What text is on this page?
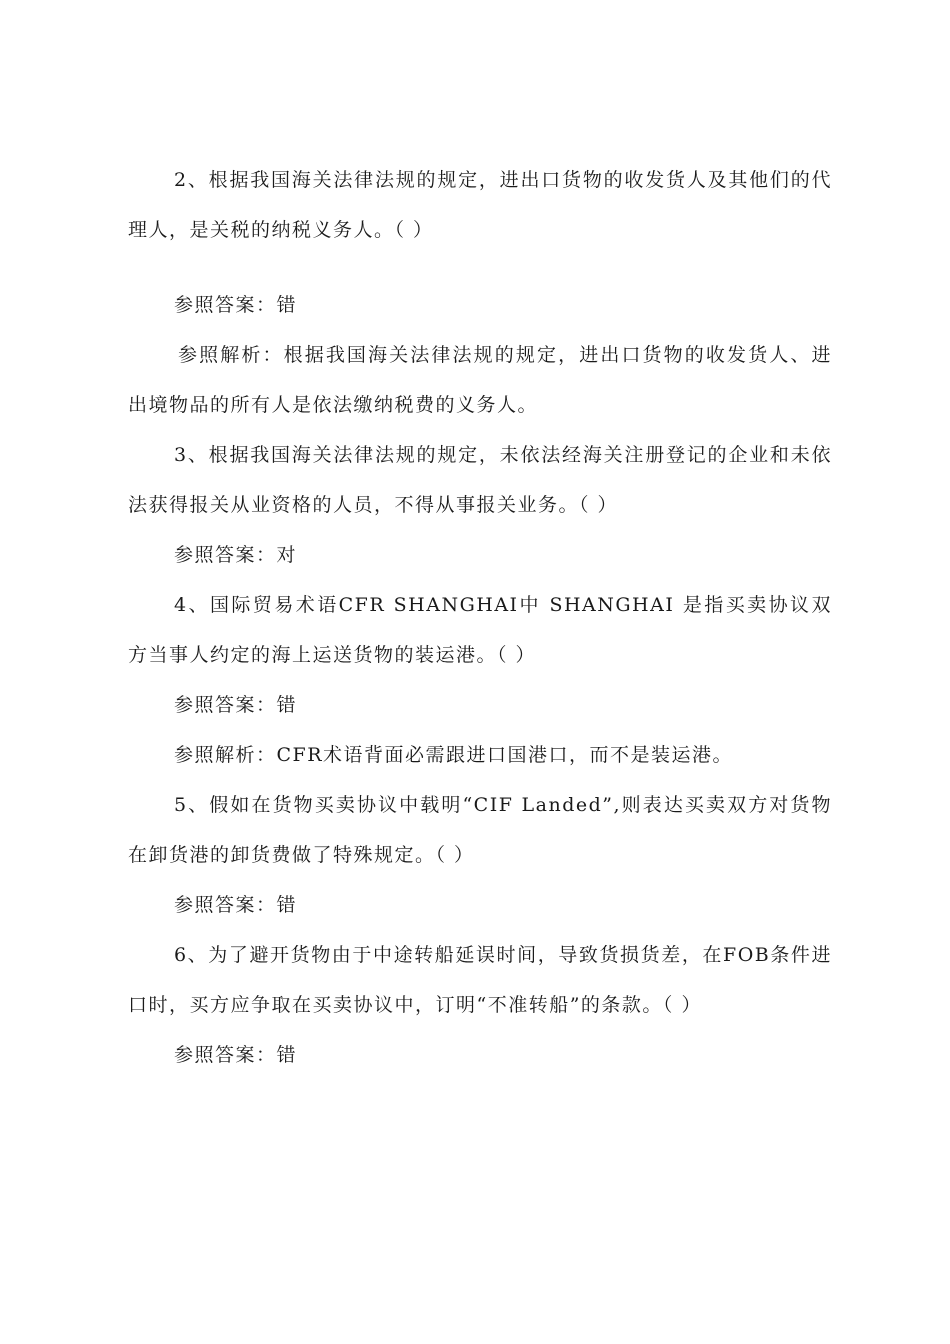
2、根据我国海关法律法规的规定，进出口货物的收发货人及其他们的代理人，是关税的纳税义务人。（ ）
参照答案：错
参照解析：根据我国海关法律法规的规定，进出口货物的收发货人、进出境物品的所有人是依法缴纳税费的义务人。
3、根据我国海关法律法规的规定，未依法经海关注册登记的企业和未依法获得报关从业资格的人员，不得从事报关业务。（ ）
参照答案：对
4、国际贸易术语CFR SHANGHAI中 SHANGHAI 是指买卖协议双方当事人约定的海上运送货物的装运港。（ ）
参照答案：错
参照解析：CFR术语背面必需跟进口国港口，而不是装运港。
5、假如在货物买卖协议中载明“CIF Landed”,则表达买卖双方对货物在卸货港的卸货费做了特殊规定。（ ）
参照答案：错
6、为了避开货物由于中途转船延误时间，导致货损货差，在FOB条件进口时，买方应争取在买卖协议中，订明“不准转船”的条款。（ ）
参照答案：错
